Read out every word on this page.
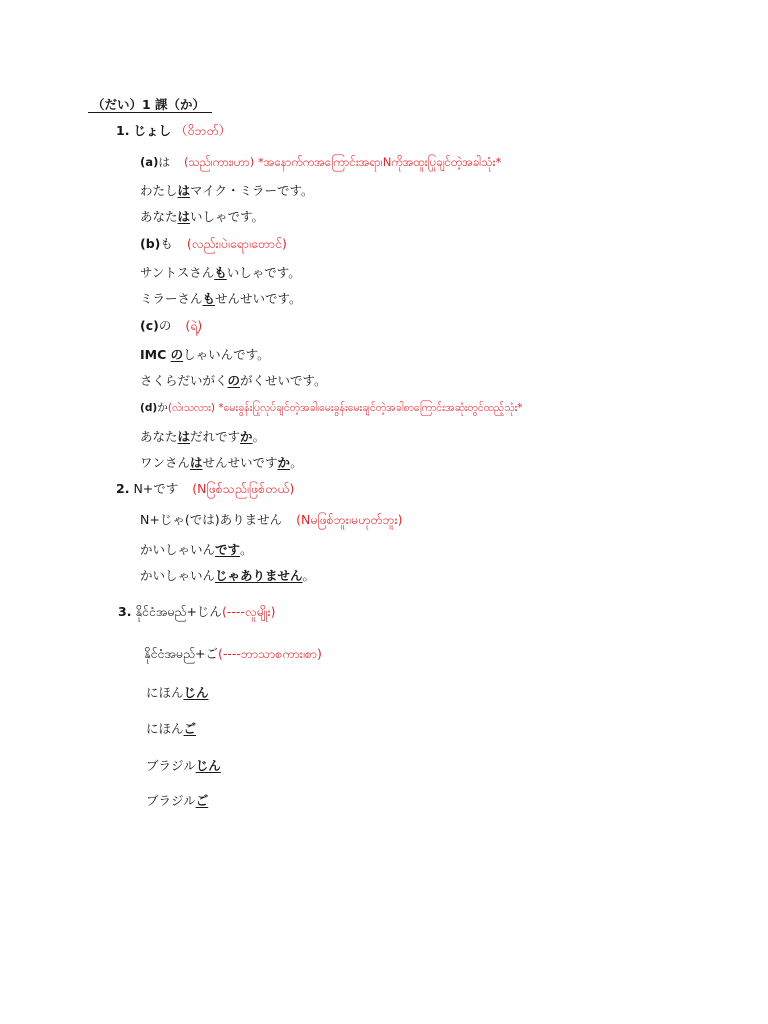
（だい）1 課（か）
1. じょし （ဝိဘတ်）
(a)は (သည်၊ကား၊ဟာ) *အနောက်ကအကြောင်းအရာ၊Nကိုအထူးပြုချင်တဲ့အခါသုံး*
わたしはマイク・ミラーです。
あなたはいしゃです。
(b)も (လည်း၊ပဲ၊ရော၊တောင်)
サントスさんもいしゃです。
ミラーさんもせんせいです。
(c)の (ရဲ့)
IMC のしゃいんです。
さくらだいがくのがくせいです。
(d)か(လဲ၊သလား) *မေးခွန်းပြုလုပ်ချင်တဲ့အခါ၊မေးခွန်းမေးချင်တဲ့အခါစာကြောင်းအဆုံးတွင်ထည့်သုံး*
あなたはだれですか。
ワンさんはせんせいですか。
2. N+です (Nဖြစ်သည်၊ဖြစ်တယ်)
N+じゃ(では)ありません (Nမဖြစ်ဘူး၊မဟုတ်ဘူး)
かいしゃいんです。
かいしゃいんじゃありません。
3. နိုင်ငံအမည်+じん(----လူမျိုး)
နိုင်ငံအမည်+ご(----ဘာသာစကား၊စာ)
にほんじん
にほんご
ブラジルじん
ブラジルご
